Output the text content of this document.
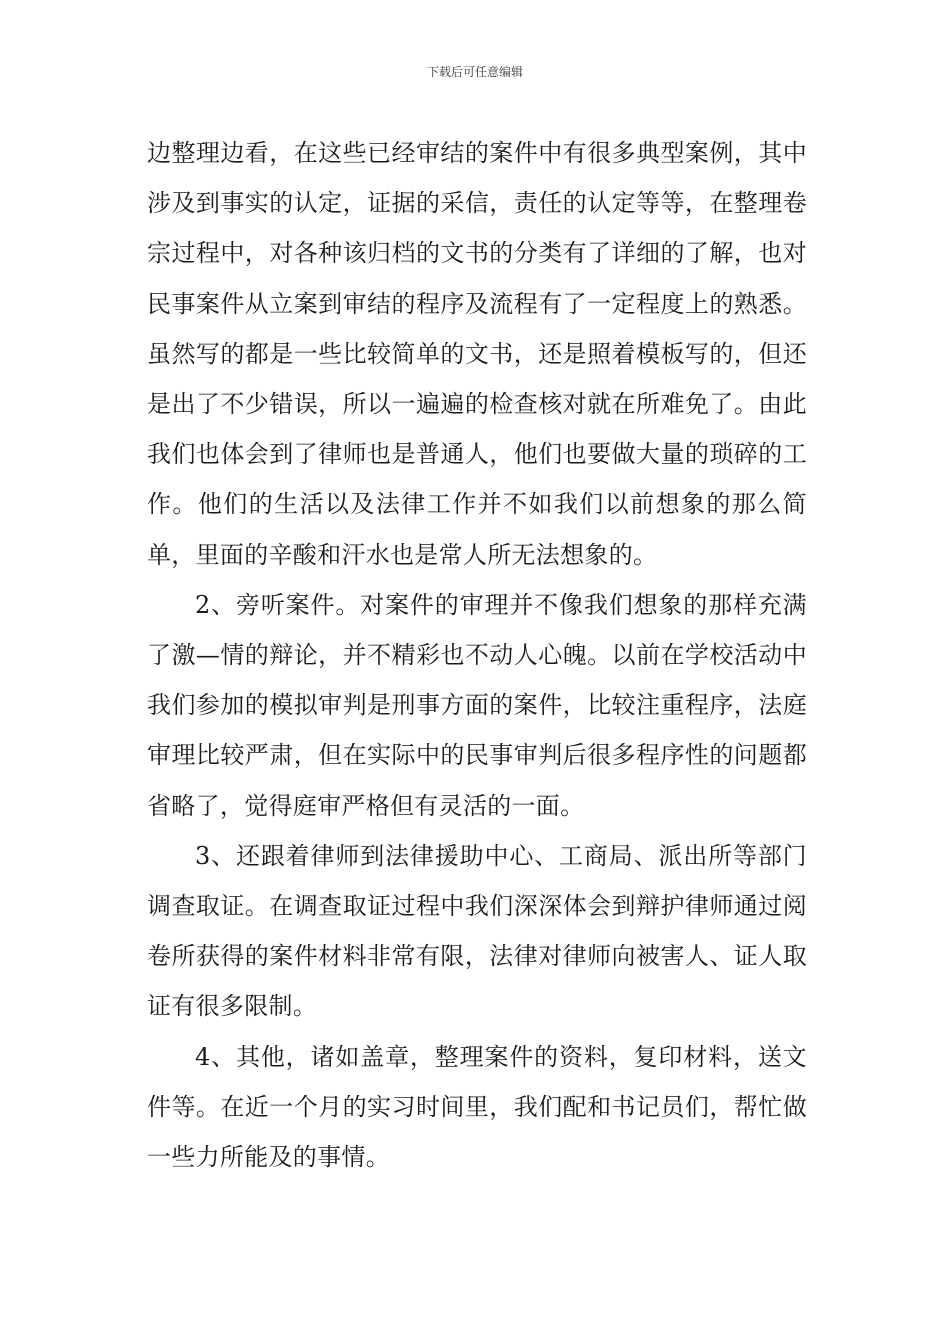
下载后可任意编辑

边整理边看，在这些已经审结的案件中有很多典型案例，其中涉及到事实的认定，证据的采信，责任的认定等等，在整理卷宗过程中，对各种该归档的文书的分类有了详细的了解，也对民事案件从立案到审结的程序及流程有了一定程度上的熟悉。虽然写的都是一些比较简单的文书，还是照着模板写的，但还是出了不少错误，所以一遍遍的检查核对就在所难免了。由此我们也体会到了律师也是普通人，他们也要做大量的琐碎的工作。他们的生活以及法律工作并不如我们以前想象的那么简单，里面的辛酸和汗水也是常人所无法想象的。

2、旁听案件。对案件的审理并不像我们想象的那样充满了激—情的辩论，并不精彩也不动人心魄。以前在学校活动中我们参加的模拟审判是刑事方面的案件，比较注重程序，法庭审理比较严肃，但在实际中的民事审判后很多程序性的问题都省略了，觉得庭审严格但有灵活的一面。

3、还跟着律师到法律援助中心、工商局、派出所等部门调查取证。在调查取证过程中我们深深体会到辩护律师通过阅卷所获得的案件材料非常有限，法律对律师向被害人、证人取证有很多限制。

4、其他，诸如盖章，整理案件的资料，复印材料，送文件等。在近一个月的实习时间里，我们配和书记员们，帮忙做一些力所能及的事情。
